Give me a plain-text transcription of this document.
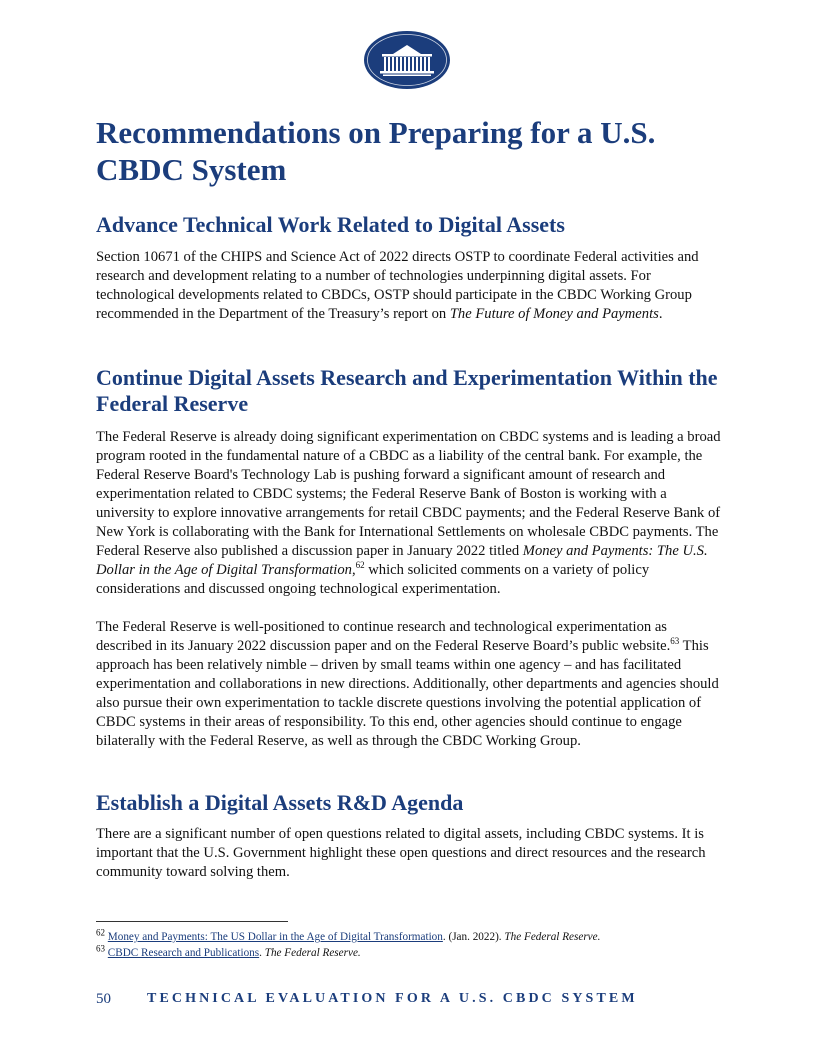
Recommendations on Preparing for a U.S. CBDC System
Advance Technical Work Related to Digital Assets

Section 10671 of the CHIPS and Science Act of 2022 directs OSTP to coordinate Federal activities and research and development relating to a number of technologies underpinning digital assets. For technological developments related to CBDCs, OSTP should participate in the CBDC Working Group recommended in the Department of the Treasury’s report on The Future of Money and Payments.

Continue Digital Assets Research and Experimentation Within the Federal Reserve

The Federal Reserve is already doing significant experimentation on CBDC systems and is leading a broad program rooted in the fundamental nature of a CBDC as a liability of the central bank. For example, the Federal Reserve Board's Technology Lab is pushing forward a significant amount of research and experimentation related to CBDC systems; the Federal Reserve Bank of Boston is working with a university to explore innovative arrangements for retail CBDC payments; and the Federal Reserve Bank of New York is collaborating with the Bank for International Settlements on wholesale CBDC payments. The Federal Reserve also published a discussion paper in January 2022 titled Money and Payments: The U.S. Dollar in the Age of Digital Transformation,$^{62}$ which solicited comments on a variety of policy considerations and discussed ongoing technological experimentation.

The Federal Reserve is well-positioned to continue research and technological experimentation as described in its January 2022 discussion paper and on the Federal Reserve Board’s public website.$^{63}$ This approach has been relatively nimble – driven by small teams within one agency – and has facilitated experimentation and collaborations in new directions. Additionally, other departments and agencies should also pursue their own experimentation to tackle discrete questions involving the potential application of CBDC systems in their areas of responsibility. To this end, other agencies should continue to engage bilaterally with the Federal Reserve, as well as through the CBDC Working Group.

Establish a Digital Assets R&D Agenda

There are a significant number of open questions related to digital assets, including CBDC systems. It is important that the U.S. Government highlight these open questions and direct resources and the research community toward solving them.

$^{62}$ Money and Payments: The US Dollar in the Age of Digital Transformation. (Jan. 2022). The Federal Reserve.

$^{63}$ CBDC Research and Publications. The Federal Reserve.

50	TECHNICAL EVALUATION FOR A U.S. CBDC SYSTEM
